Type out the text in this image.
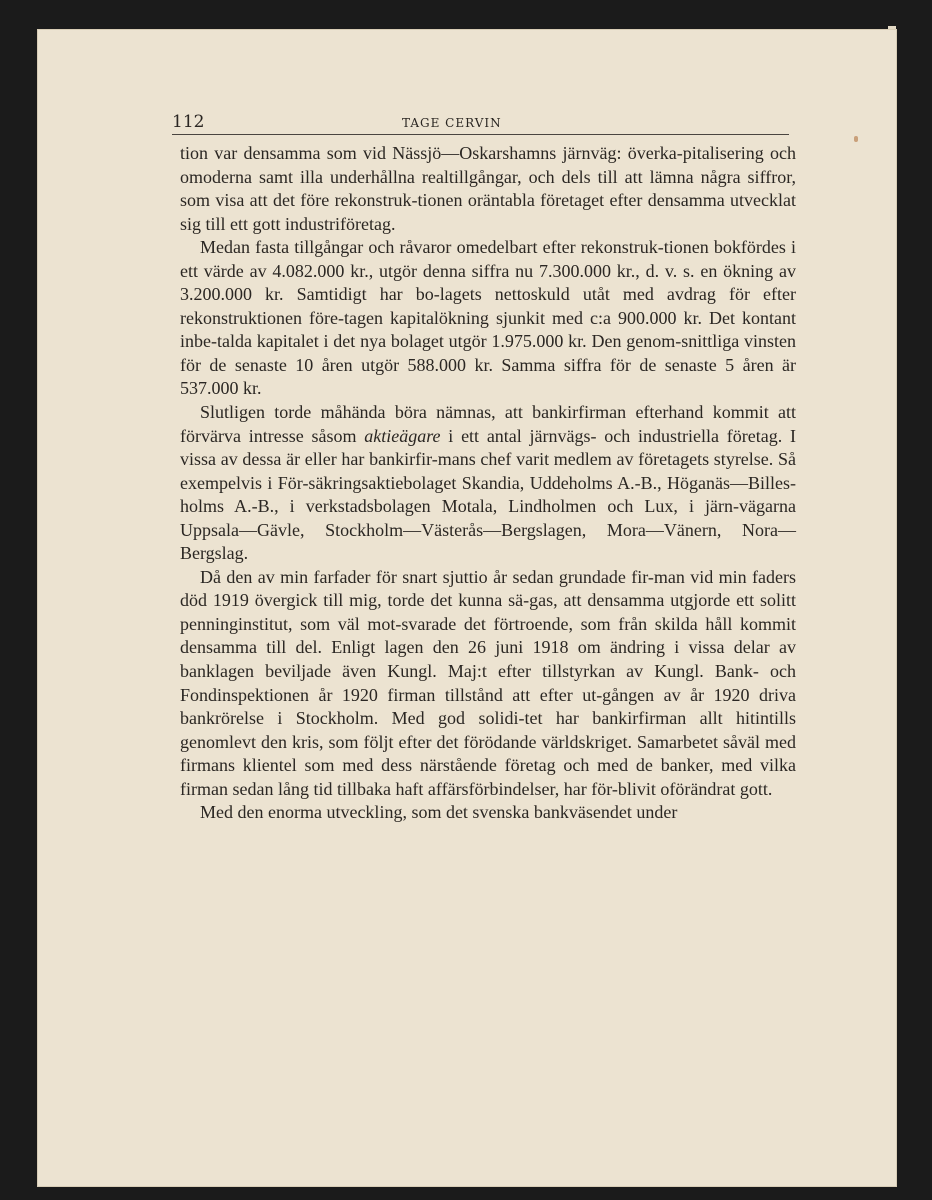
112	TAGE CERVIN

tion var densamma som vid Nässjö—Oskarshamns järnväg: överka-pitalisering och omoderna samt illa underhållna realtillgångar, och dels till att lämna några siffror, som visa att det före rekonstruk-tionen oräntabla företaget efter densamma utvecklat sig till ett gott industriföretag.

Medan fasta tillgångar och råvaror omedelbart efter rekonstruk-tionen bokfördes i ett värde av 4.082.000 kr., utgör denna siffra nu 7.300.000 kr., d. v. s. en ökning av 3.200.000 kr. Samtidigt har bo-lagets nettoskuld utåt med avdrag för efter rekonstruktionen före-tagen kapitalökning sjunkit med c:a 900.000 kr. Det kontant inbe-talda kapitalet i det nya bolaget utgör 1.975.000 kr. Den genom-snittliga vinsten för de senaste 10 åren utgör 588.000 kr. Samma siffra för de senaste 5 åren är 537.000 kr.

Slutligen torde måhända böra nämnas, att bankirfirman efterhand kommit att förvärva intresse såsom aktieägare i ett antal järnvägs- och industriella företag. I vissa av dessa är eller har bankirfir-mans chef varit medlem av företagets styrelse. Så exempelvis i För-säkringsaktiebolaget Skandia, Uddeholms A.-B., Höganäs—Billes-holms A.-B., i verkstadsbolagen Motala, Lindholmen och Lux, i järn-vägarna Uppsala—Gävle, Stockholm—Västerås—Bergslagen, Mora—Vänern, Nora—Bergslag.

Då den av min farfader för snart sjuttio år sedan grundade fir-man vid min faders död 1919 övergick till mig, torde det kunna sä-gas, att densamma utgjorde ett solitt penninginstitut, som väl mot-svarade det förtroende, som från skilda håll kommit densamma till del. Enligt lagen den 26 juni 1918 om ändring i vissa delar av banklagen beviljade även Kungl. Maj:t efter tillstyrkan av Kungl. Bank- och Fondinspektionen år 1920 firman tillstånd att efter ut-gången av år 1920 driva bankrörelse i Stockholm. Med god solidi-tet har bankirfirman allt hitintills genomlevt den kris, som följt efter det förödande världskriget. Samarbetet såväl med firmans klientel som med dess närstående företag och med de banker, med vilka firman sedan lång tid tillbaka haft affärsförbindelser, har för-blivit oförändrat gott.

Med den enorma utveckling, som det svenska bankväsendet under
